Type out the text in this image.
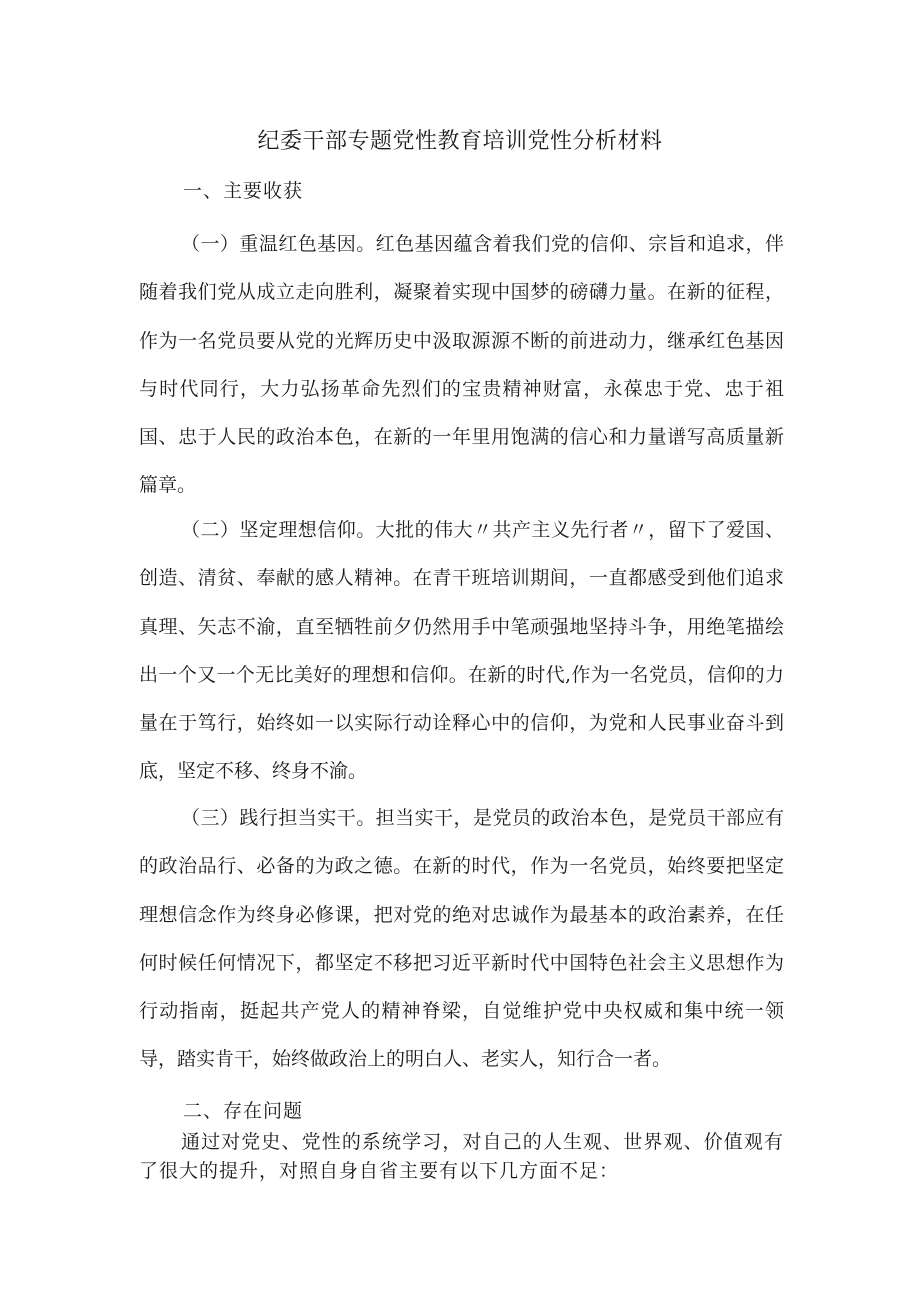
纪委干部专题党性教育培训党性分析材料
一、主要收获
（一）重温红色基因。红色基因蕴含着我们党的信仰、宗旨和追求，伴随着我们党从成立走向胜利，凝聚着实现中国梦的磅礴力量。在新的征程，作为一名党员要从党的光辉历史中汲取源源不断的前进动力，继承红色基因与时代同行，大力弘扬革命先烈们的宝贵精神财富，永葆忠于党、忠于祖国、忠于人民的政治本色，在新的一年里用饱满的信心和力量谱写高质量新篇章。
（二）坚定理想信仰。大批的伟大〃共产主义先行者〃，留下了爱国、创造、清贫、奉献的感人精神。在青干班培训期间，一直都感受到他们追求真理、矢志不渝，直至牺牲前夕仍然用手中笔顽强地坚持斗争，用绝笔描绘出一个又一个无比美好的理想和信仰。在新的时代,作为一名党员，信仰的力量在于笃行，始终如一以实际行动诠释心中的信仰，为党和人民事业奋斗到底，坚定不移、终身不渝。
（三）践行担当实干。担当实干，是党员的政治本色，是党员干部应有的政治品行、必备的为政之德。在新的时代，作为一名党员，始终要把坚定理想信念作为终身必修课，把对党的绝对忠诚作为最基本的政治素养，在任何时候任何情况下，都坚定不移把习近平新时代中国特色社会主义思想作为行动指南，挺起共产党人的精神脊梁，自觉维护党中央权威和集中统一领导，踏实肯干，始终做政治上的明白人、老实人，知行合一者。
二、存在问题
通过对党史、党性的系统学习，对自己的人生观、世界观、价值观有了很大的提升，对照自身自省主要有以下几方面不足：
